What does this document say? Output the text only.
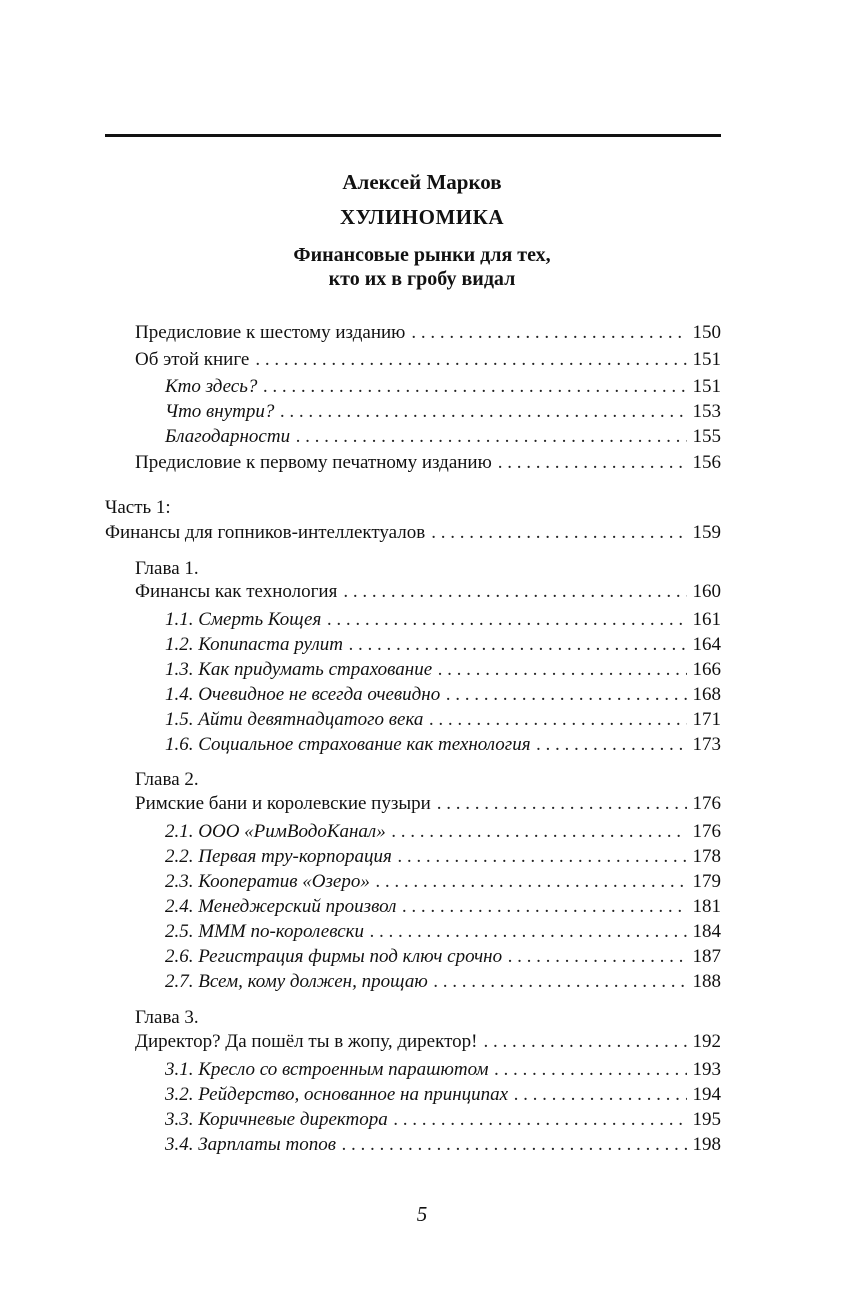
Алексей Марков
ХУЛИНОМИКА
Финансовые рынки для тех,
кто их в гробу видал
Предисловие к шестому изданию . . .	150
Об этой книге . . .	151
Кто здесь? . . .	151
Что внутри? . . .	153
Благодарности . . .	155
Предисловие к первому печатному изданию . . .	156
Часть 1:
Финансы для гопников-интеллектуалов . . .	159
Глава 1.
Финансы как технология . . .	160
1.1. Смерть Кощея . . .	161
1.2. Копипаста рулит . . .	164
1.3. Как придумать страхование . . .	166
1.4. Очевидное не всегда очевидно . . .	168
1.5. Айти девятнадцатого века . . .	171
1.6. Социальное страхование как технология . . .	173
Глава 2.
Римские бани и королевские пузыри . . .	176
2.1. ООО «РимВодоКанал» . . .	176
2.2. Первая тру-корпорация . . .	178
2.3. Кооператив «Озеро» . . .	179
2.4. Менеджерский произвол . . .	181
2.5. МММ по-королевски . . .	184
2.6. Регистрация фирмы под ключ срочно . . .	187
2.7. Всем, кому должен, прощаю . . .	188
Глава 3.
Директор? Да пошёл ты в жопу, директор! . . .	192
3.1. Кресло со встроенным парашютом . . .	193
3.2. Рейдерство, основанное на принципах . . .	194
3.3. Коричневые директора . . .	195
3.4. Зарплаты топов . . .	198
5
